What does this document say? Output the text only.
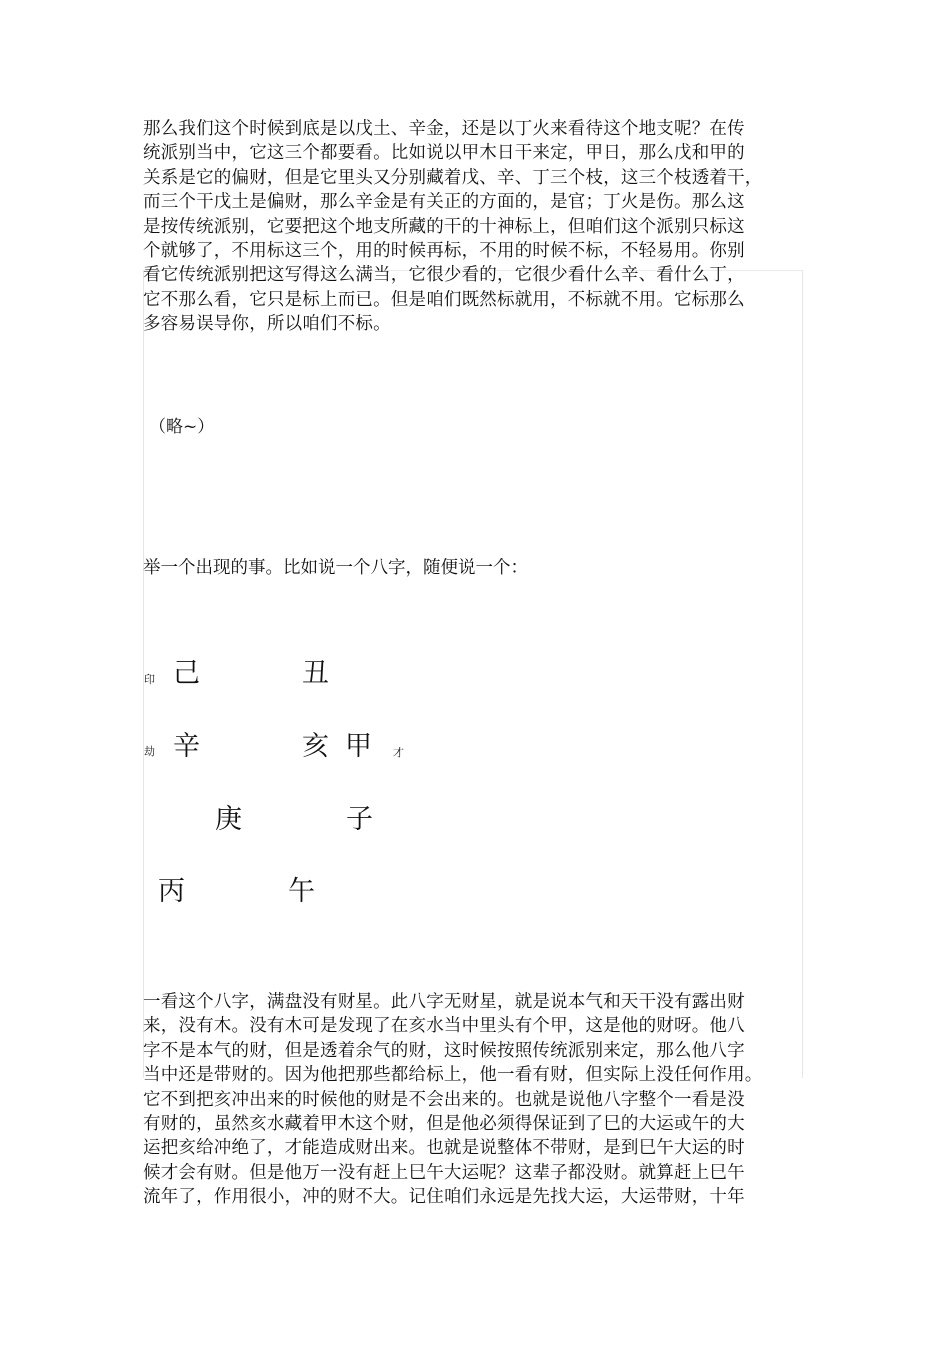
那么我们这个时候到底是以戊土、辛金，还是以丁火来看待这个地支呢？在传
统派别当中，它这三个都要看。比如说以甲木日干来定，甲日，那么戊和甲的
关系是它的偏财，但是它里头又分别藏着戊、辛、丁三个枝，这三个枝透着干，
而三个干戊土是偏财，那么辛金是有关正的方面的，是官；丁火是伤。那么这
是按传统派别，它要把这个地支所藏的干的十神标上，但咱们这个派别只标这
个就够了，不用标这三个，用的时候再标，不用的时候不标，不轻易用。你别
看它传统派别把这写得这么满当，它很少看的，它很少看什么辛、看什么丁，
它不那么看，它只是标上而已。但是咱们既然标就用，不标就不用。它标那么
多容易误导你，所以咱们不标。
（略~）
举一个出现的事。比如说一个八字，随便说一个：
印 己	丑
劫 辛	亥 甲 才
庚	子
丙	午
一看这个八字，满盘没有财星。此八字无财星，就是说本气和天干没有露出财
来，没有木。没有木可是发现了在亥水当中里头有个甲，这是他的财呀。他八
字不是本气的财，但是透着余气的财，这时候按照传统派别来定，那么他八字
当中还是带财的。因为他把那些都给标上，他一看有财，但实际上没任何作用。
它不到把亥冲出来的时候他的财是不会出来的。也就是说他八字整个一看是没
有财的，虽然亥水藏着甲木这个财，但是他必须得保证到了巳的大运或午的大
运把亥给冲绝了，才能造成财出来。也就是说整体不带财，是到巳午大运的时
候才会有财。但是他万一没有赶上巳午大运呢？这辈子都没财。就算赶上巳午
流年了，作用很小，冲的财不大。记住咱们永远是先找大运，大运带财，十年
